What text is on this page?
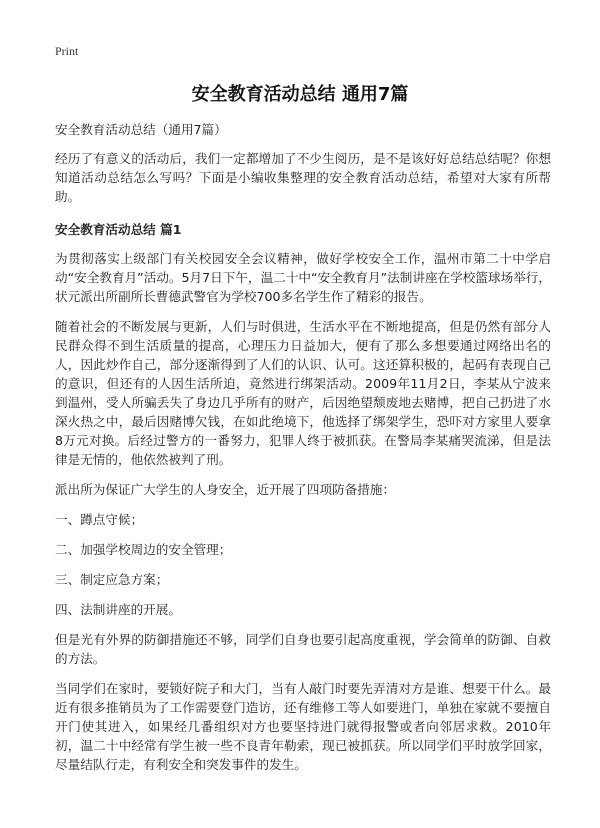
Print
安全教育活动总结 通用7篇

安全教育活动总结（通用7篇）

经历了有意义的活动后，我们一定都增加了不少生阅历，是不是该好好总结总结呢？你想知道活动总结怎么写吗？下面是小编收集整理的安全教育活动总结，希望对大家有所帮助。

安全教育活动总结 篇1

为贯彻落实上级部门有关校园安全会议精神，做好学校安全工作，温州市第二十中学启动“安全教育月”活动。5月7日下午，温二十中“安全教育月”法制讲座在学校篮球场举行，状元派出所副所长曹德武警官为学校700多名学生作了精彩的报告。

随着社会的不断发展与更新，人们与时俱进，生活水平在不断地提高，但是仍然有部分人民群众得不到生活质量的提高，心理压力日益加大，便有了那么多想要通过网络出名的人，因此炒作自己，部分逐渐得到了人们的认识、认可。这还算积极的，起码有表现自己的意识，但还有的人因生活所迫，竟然进行绑架活动。2009年11月2日，李某从宁波来到温州，受人所骗丢失了身边几乎所有的财产，后因绝望颓废地去赌博，把自己扔进了水深火热之中，最后因赌博欠钱，在如此绝境下，他选择了绑架学生，恐吓对方家里人要拿8万元对换。后经过警方的一番努力，犯罪人终于被抓获。在警局李某痛哭流涕，但是法律是无情的，他依然被判了刑。

派出所为保证广大学生的人身安全，近开展了四项防备措施：

一、蹲点守候；

二、加强学校周边的安全管理；

三、制定应急方案；

四、法制讲座的开展。

但是光有外界的防御措施还不够，同学们自身也要引起高度重视，学会简单的防御、自救的方法。

当同学们在家时，要锁好院子和大门，当有人敲门时要先弄清对方是谁、想要干什么。最近有很多推销员为了工作需要登门造访，还有维修工等人如要进门，单独在家就不要擅自开门使其进入，如果经几番组织对方也要坚持进门就得报警或者向邻居求救。2010年初，温二十中经常有学生被一些不良青年勒索，现已被抓获。所以同学们平时放学回家，尽量结队行走，有利安全和突发事件的发生。
